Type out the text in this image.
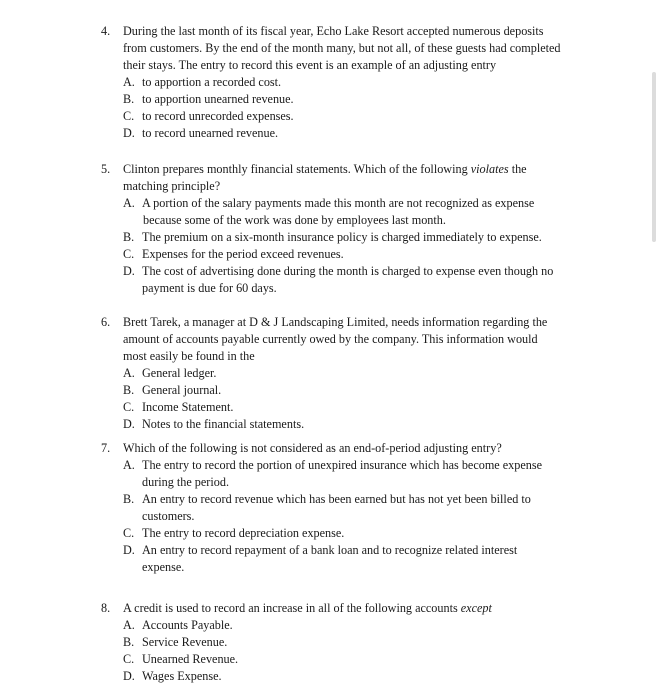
4. During the last month of its fiscal year, Echo Lake Resort accepted numerous deposits
from customers. By the end of the month many, but not all, of these guests had completed
their stays. The entry to record this event is an example of an adjusting entry
A. to apportion a recorded cost.
B. to apportion unearned revenue.
C. to record unrecorded expenses.
D. to record unearned revenue.
5. Clinton prepares monthly financial statements. Which of the following violates the
matching principle?
A. A portion of the salary payments made this month are not recognized as expense
because some of the work was done by employees last month.
B. The premium on a six-month insurance policy is charged immediately to expense.
C. Expenses for the period exceed revenues.
D. The cost of advertising done during the month is charged to expense even though no
payment is due for 60 days.
6. Brett Tarek, a manager at D & J Landscaping Limited, needs information regarding the
amount of accounts payable currently owed by the company. This information would
most easily be found in the
A. General ledger.
B. General journal.
C. Income Statement.
D. Notes to the financial statements.
7. Which of the following is not considered as an end-of-period adjusting entry?
A. The entry to record the portion of unexpired insurance which has become expense
during the period.
B. An entry to record revenue which has been earned but has not yet been billed to
customers.
C. The entry to record depreciation expense.
D. An entry to record repayment of a bank loan and to recognize related interest
expense.
8. A credit is used to record an increase in all of the following accounts except
A. Accounts Payable.
B. Service Revenue.
C. Unearned Revenue.
D. Wages Expense.
